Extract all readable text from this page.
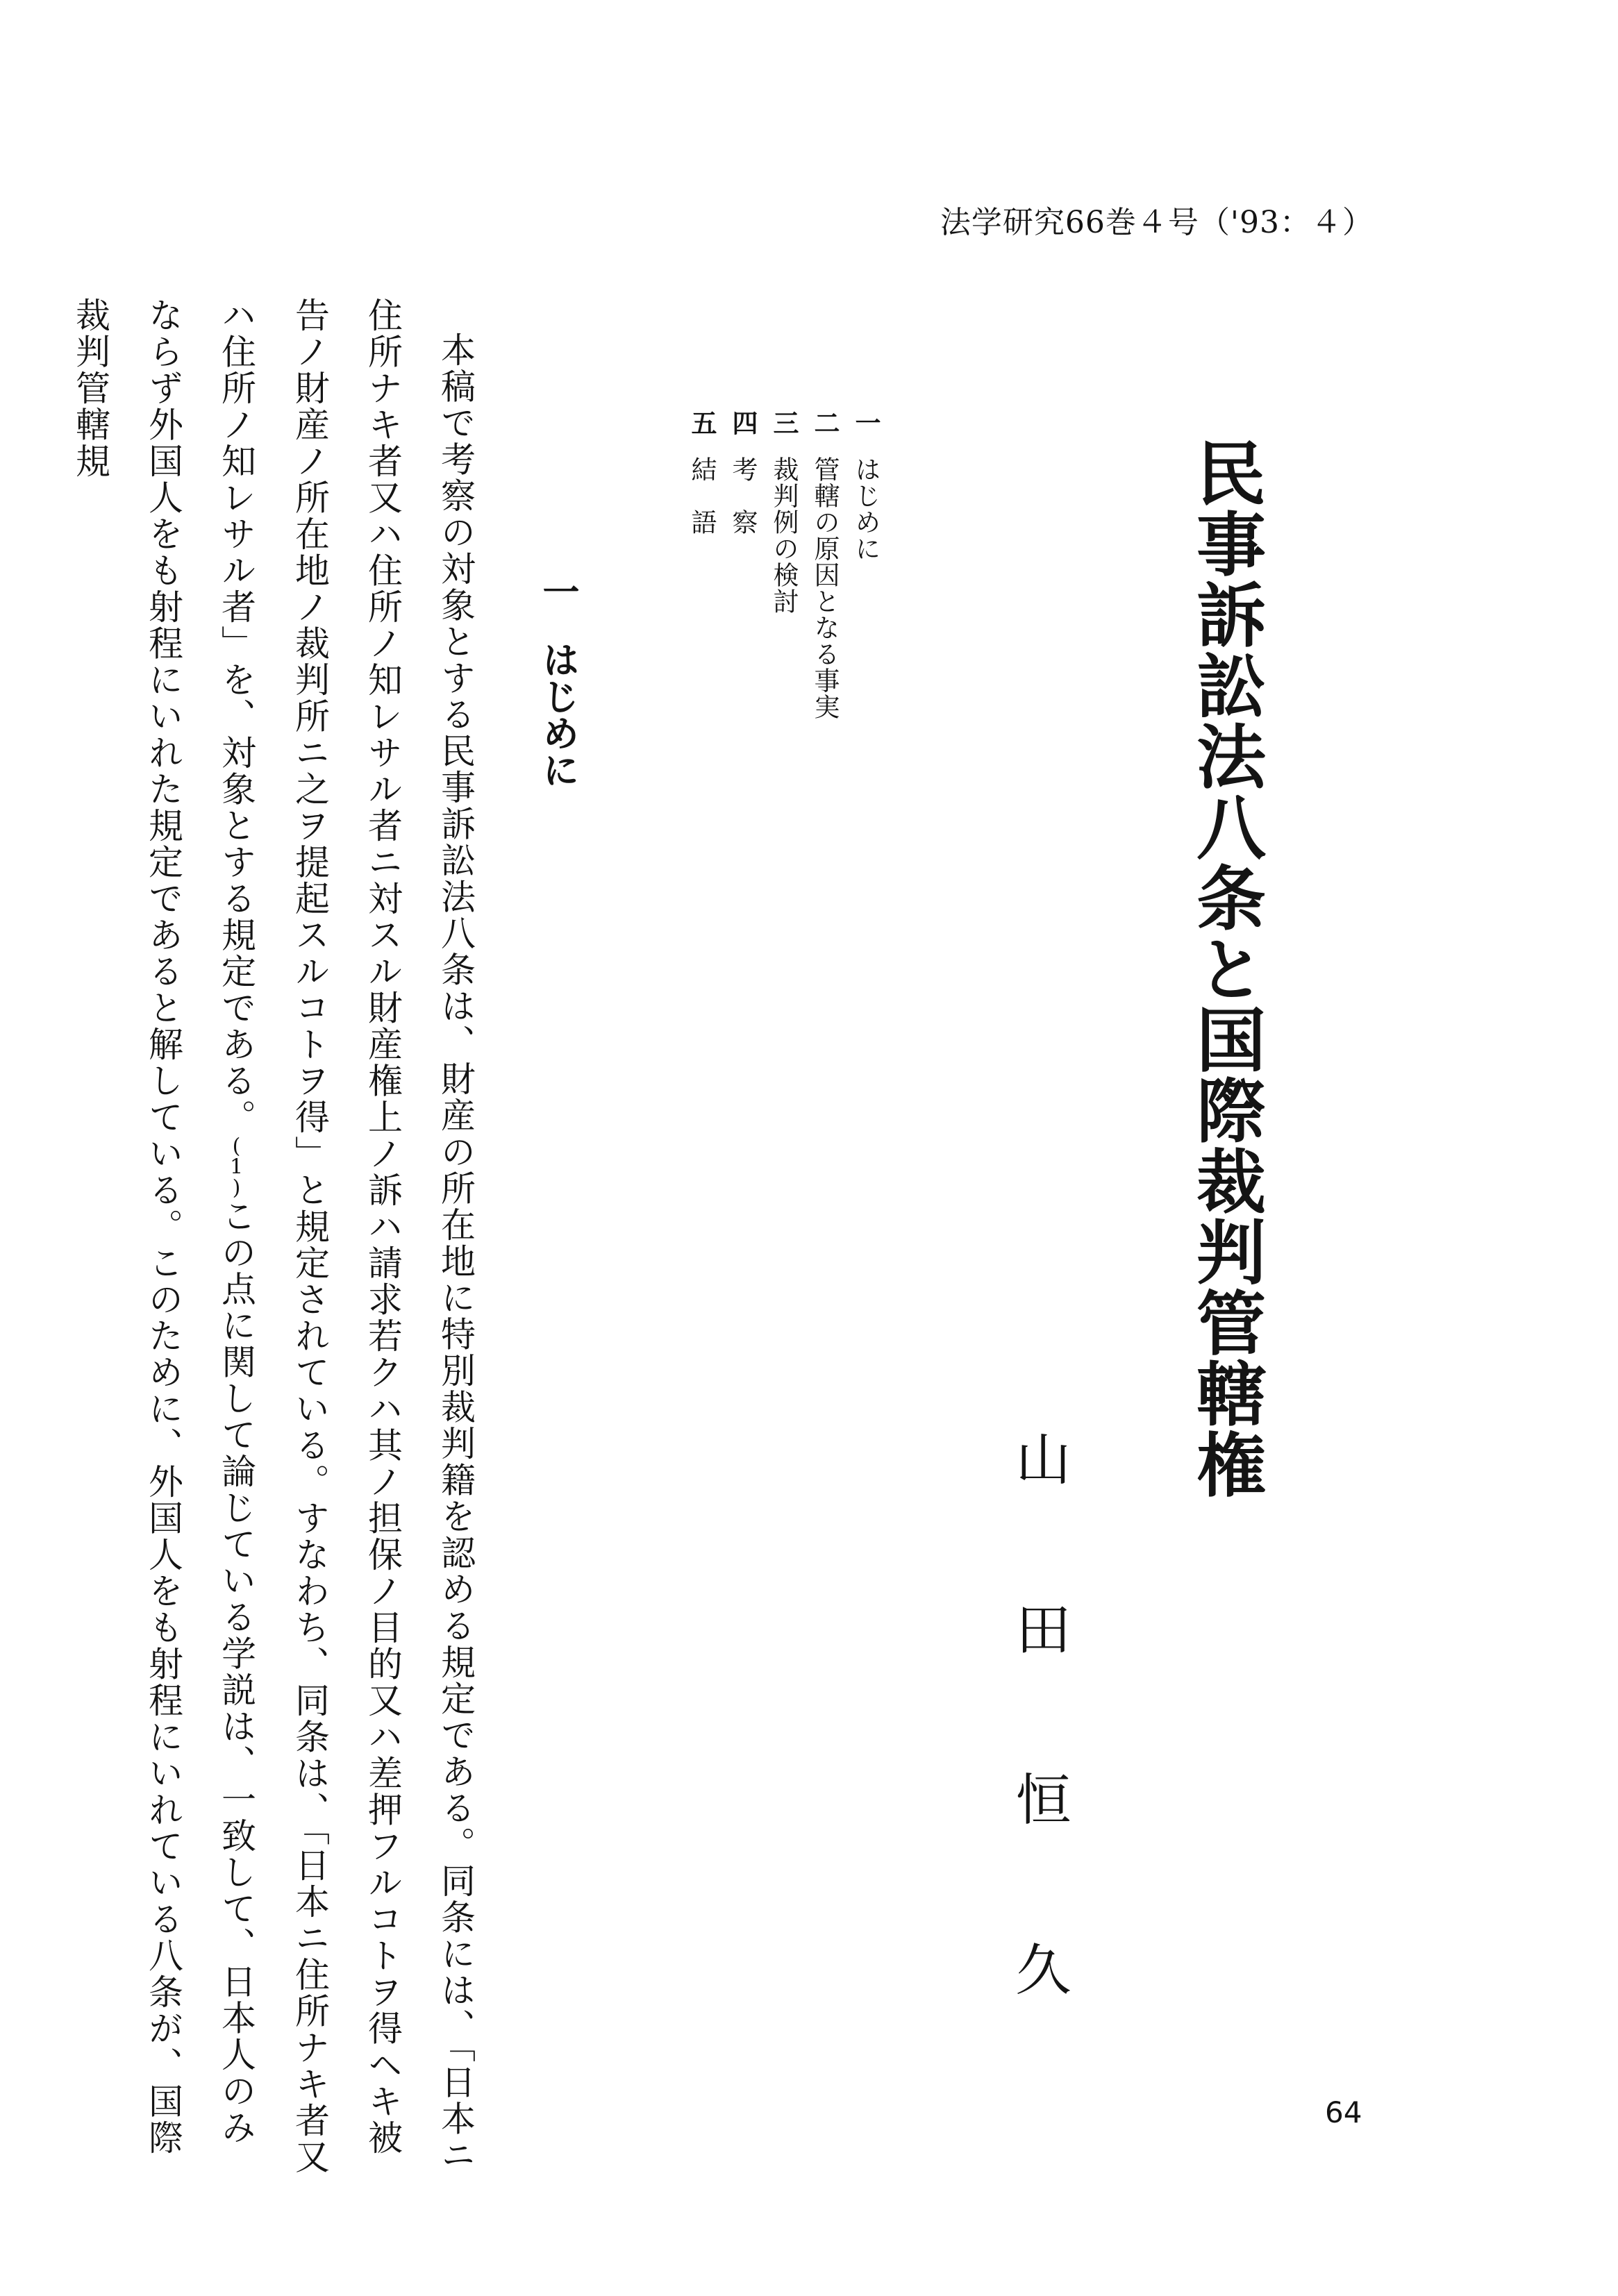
法学研究66巻４号（'93：４）
民事訴訟法八条と国際裁判管轄権
山田恒久
一
はじめに
二
管轄の原因となる事実
三
裁判例の検討
四
考　察
五
結　語
一はじめに

本稿で考察の対象とする民事訴訟法八条は、財産の所在地に特別裁判籍を認める規定である。同条には、「日本ニ住所ナキ者又ハ住所ノ知レサル者ニ対スル財産権上ノ訴ハ請求若クハ其ノ担保ノ目的又ハ差押フルコトヲ得ヘキ被告ノ財産ノ所在地ノ裁判所ニ之ヲ提起スルコトヲ得」と規定されている。すなわち、同条は、「日本ニ住所ナキ者又ハ住所ノ知レサル者」を、対象とする規定である。(1)この点に関して論じている学説は、一致して、日本人のみならず外国人をも射程にいれた規定であると解している。このために、外国人をも射程にいれている八条が、国際裁判管轄規

64
